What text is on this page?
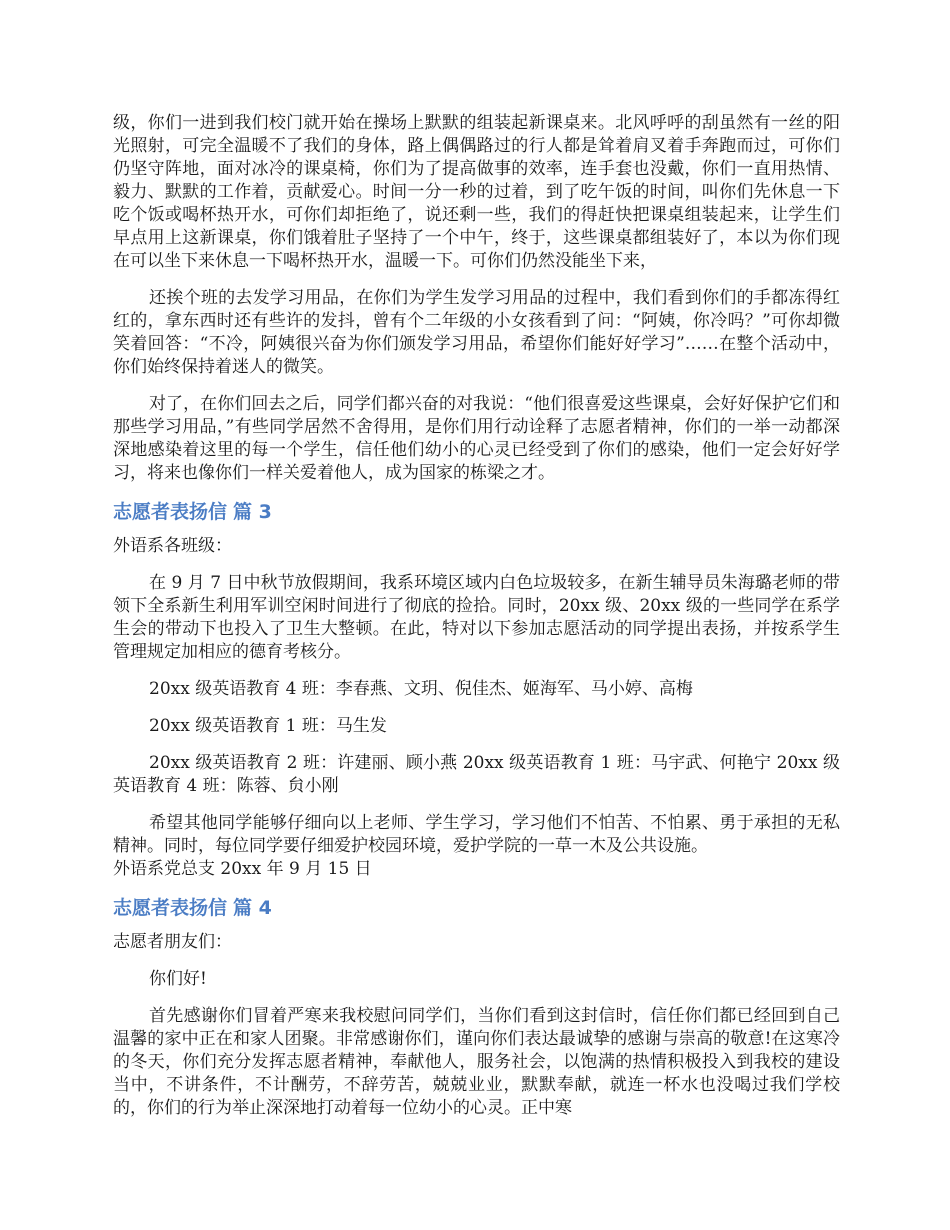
级，你们一进到我们校门就开始在操场上默默的组装起新课桌来。北风呼呼的刮虽然有一丝的阳光照射，可完全温暖不了我们的身体，路上偶偶路过的行人都是耸着肩叉着手奔跑而过，可你们仍坚守阵地，面对冰冷的课桌椅，你们为了提高做事的效率，连手套也没戴，你们一直用热情、毅力、默默的工作着，贡献爱心。时间一分一秒的过着，到了吃午饭的时间，叫你们先休息一下吃个饭或喝杯热开水，可你们却拒绝了，说还剩一些，我们的得赶快把课桌组装起来，让学生们早点用上这新课桌，你们饿着肚子坚持了一个中午，终于，这些课桌都组装好了，本以为你们现在可以坐下来休息一下喝杯热开水，温暖一下。可你们仍然没能坐下来，

还挨个班的去发学习用品，在你们为学生发学习用品的过程中，我们看到你们的手都冻得红红的，拿东西时还有些许的发抖，曾有个二年级的小女孩看到了问：“阿姨，你冷吗？”可你却微笑着回答：“不冷，阿姨很兴奋为你们颁发学习用品，希望你们能好好学习”……在整个活动中，你们始终保持着迷人的微笑。

对了，在你们回去之后，同学们都兴奋的对我说：“他们很喜爱这些课桌，会好好保护它们和那些学习用品，”有些同学居然不舍得用，是你们用行动诠释了志愿者精神，你们的一举一动都深深地感染着这里的每一个学生，信任他们幼小的心灵已经受到了你们的感染，他们一定会好好学习，将来也像你们一样关爱着他人，成为国家的栋梁之才。

志愿者表扬信 篇 3

外语系各班级：

在 9 月 7 日中秋节放假期间，我系环境区域内白色垃圾较多，在新生辅导员朱海璐老师的带领下全系新生利用军训空闲时间进行了彻底的捡拾。同时，20xx 级、20xx 级的一些同学在系学生会的带动下也投入了卫生大整顿。在此，特对以下参加志愿活动的同学提出表扬，并按系学生管理规定加相应的德育考核分。

20xx 级英语教育 4 班：李春燕、文玥、倪佳杰、姬海军、马小婷、高梅

20xx 级英语教育 1 班：马生发

20xx 级英语教育 2 班：许建丽、顾小燕 20xx 级英语教育 1 班：马宇武、何艳宁 20xx 级英语教育 4 班：陈蓉、贠小刚

希望其他同学能够仔细向以上老师、学生学习，学习他们不怕苦、不怕累、勇于承担的无私精神。同时，每位同学要仔细爱护校园环境，爱护学院的一草一木及公共设施。

外语系党总支 20xx 年 9 月 15 日

志愿者表扬信 篇 4

志愿者朋友们：

你们好!

首先感谢你们冒着严寒来我校慰问同学们，当你们看到这封信时，信任你们都已经回到自己温馨的家中正在和家人团聚。非常感谢你们，谨向你们表达最诚挚的感谢与崇高的敬意!在这寒冷的冬天，你们充分发挥志愿者精神，奉献他人，服务社会，以饱满的热情积极投入到我校的建设当中，不讲条件，不计酬劳，不辞劳苦，兢兢业业，默默奉献，就连一杯水也没喝过我们学校的，你们的行为举止深深地打动着每一位幼小的心灵。正中寒
